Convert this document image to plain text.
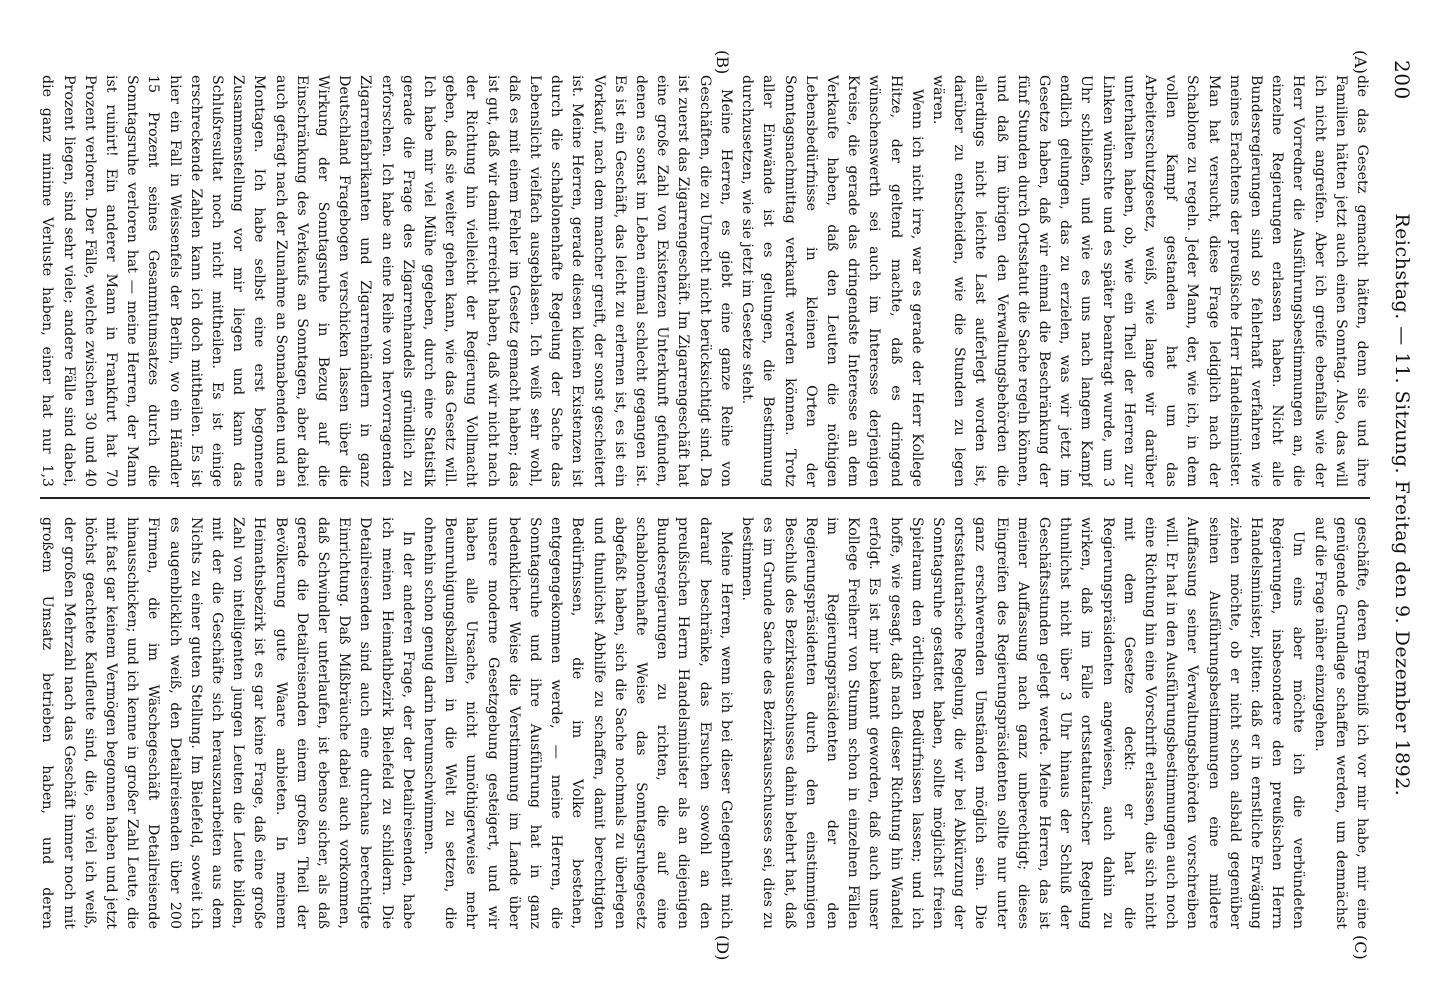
200
Reichstag. — 11. Sitzung. Freitag den 9. Dezember 1892.
(A)
(B)
(C)
(D)

die das Gesetz gemacht hätten, denn sie und ihre Familien hätten jetzt auch einen Sonntag. Also, das will ich nicht angreifen. Aber ich greife ebenfalls wie der Herr Vorredner die Ausführungsbestimmungen an, die einzelne Regierungen erlassen haben. Nicht alle Bundesregierungen sind so fehlerhaft verfahren wie meines Erachtens der preußische Herr Handelsminister. Man hat versucht, diese Frage lediglich nach der Schablone zu regeln. Jeder Mann, der, wie ich, in dem vollen Kampf gestanden hat um das Arbeiterschutzgesetz, weiß, wie lange wir darüber unterhalten haben, ob, wie ein Theil der Herren zur Linken wünschte und es später beantragt wurde, um 3 Uhr schließen, und wie es uns nach langem Kampf endlich gelungen, das zu erzielen, was wir jetzt im Gesetze haben, daß wir einmal die Beschränkung der fünf Stunden durch Ortsstatut die Sache regeln können, und daß im übrigen den Verwaltungsbehörden die allerdings nicht leichte Last auferlegt worden ist, darüber zu entscheiden, wie die Stunden zu legen wären.

Wenn ich nicht irre, war es gerade der Herr Kollege Hitze, der geltend machte, daß es dringend wünschenswerth sei auch im Interesse derjenigen Kreise, die gerade das dringendste Interesse an dem Verkaufe haben, daß den Leuten die nöthigen Lebensbedürfnisse in kleinen Orten der Sonntagsnachmittag verkauft werden können. Trotz aller Einwände ist es gelungen, die Bestimmung durchzusetzen, wie sie jetzt im Gesetze steht.

Meine Herren, es giebt eine ganze Reihe von Geschäften, die zu Unrecht nicht berücksichtigt sind. Da ist zuerst das Zigarrengeschäft. Im Zigarrengeschäft hat eine große Zahl von Existenzen Unterkunft gefunden, denen es sonst im Leben einmal schlecht gegangen ist. Es ist ein Geschäft, das leicht zu erlernen ist, es ist ein Vorkauf, nach dem mancher greift, der sonst gescheitert ist. Meine Herren, gerade diesen kleinen Existenzen ist durch die schablonenhafte Regelung der Sache das Lebenslicht vielfach ausgeblasen. Ich weiß sehr wohl, daß es mit einem Fehler im Gesetz gemacht haben; das ist gut, daß wir damit erreicht haben, daß wir nicht nach der Richtung hin vielleicht der Regierung Vollmacht geben, daß sie weiter gehen kann, wie das Gesetz will. Ich habe mir viel Mühe gegeben, durch eine Statistik gerade die Frage des Zigarrenhandels gründlich zu erforschen. Ich habe an eine Reihe von hervorragenden Zigarrenfabrikanten und Zigarrenhändlern in ganz Deutschland Fragebogen verschicken lassen über die Wirkung der Sonntagsruhe in Bezug auf die Einschränkung des Verkaufs an Sonntagen, aber dabei auch gefragt nach der Zunahme an Sonnabenden und an Montagen. Ich habe selbst eine erst begonnene Zusammenstellung vor mir liegen und kann das Schlußresultat noch nicht mittheilen. Es ist einige erschreckende Zahlen kann ich doch mittheilen. Es ist hier ein Fall in Weissenfels der Berlin, wo ein Händler 15 Prozent seines Gesammtumsatzes durch die Sonntagsruhe verloren hat — meine Herren, der Mann ist ruinirt! Ein anderer Mann in Frankfurt hat 70 Prozent verloren. Der Fälle, welche zwischen 30 und 40 Prozent liegen, sind sehr viele; andere Fälle sind dabei, die ganz minime Verluste haben, einer hat nur 1,3

geschäfte, deren Ergebniß ich vor mir habe, mir eine genügende Grundlage schaffen werden, um demnächst auf die Frage näher einzugehen.

Um eins aber möchte ich die verbündeten Regierungen, insbesondere den preußischen Herrn Handelsminister, bitten: daß er in ernstliche Erwägung ziehen möchte, ob er nicht schon alsbald gegenüber seinen Ausführungsbestimmungen eine mildere Auffassung seiner Verwaltungsbehörden vorschreiben will. Er hat in den Ausführungsbestimmungen auch noch eine Richtung hin eine Vorschrift erlassen, die sich nicht mit dem Gesetze deckt: er hat die Regierungspräsidenten angewiesen, auch dahin zu wirken, daß im Falle ortsstatutarischer Regelung thunlichst nicht über 3 Uhr hinaus der Schluß der Geschäftsstunden gelegt werde. Meine Herren, das ist meiner Auffassung nach ganz unberechtigt; dieses Eingreifen des Regierungspräsidenten sollte nur unter ganz erschwerenden Umständen möglich sein. Die ortsstatutarische Regelung, die wir bei Abkürzung der Sonntagsruhe gestattet haben, sollte möglichst freien Spielraum den örtlichen Bedürfnissen lassen; und ich hoffe, wie gesagt, daß nach dieser Richtung hin Wandel erfolgt. Es ist mir bekannt geworden, daß auch unser Kollege Freiherr von Stumm schon in einzelnen Fällen im Regierungspräsidenten der den Regierungspräsidenten durch den einstimmigen Beschluß des Bezirksausschusses dahin belehrt hat, daß es im Grunde Sache des Bezirksausschusses sei, dies zu bestimmen.

Meine Herren, wenn ich bei dieser Gelegenheit mich darauf beschränke, das Ersuchen sowohl an den preußischen Herrn Handelsminister als an diejenigen Bundesregierungen zu richten, die auf eine schablonenhafte Weise das Sonntagsruhegesetz abgefaßt haben, sich die Sache nochmals zu überlegen und thunlichst Abhilfe zu schaffen, damit berechtigten Bedürfnissen, die im Volke bestehen, entgegengekommen werde, — meine Herren, die Sonntagsruhe und ihre Ausführung hat in ganz bedenklicher Weise die Verstimmung im Lande über unsere moderne Gesetzgebung gesteigert, und wir haben alle Ursache, nicht unnöthigerweise mehr Beunruhigungsbazillen in die Welt zu setzen, die ohnehin schon genug darin herumschwimmen.

In der anderen Frage, der der Detailreisenden, habe ich meinen Heimathbezirk Bielefeld zu schildern. Die Detailreisenden sind auch eine durchaus berechtigte Einrichtung. Daß Mißbräuche dabei auch vorkommen, daß Schwindler unterlaufen, ist ebenso sicher, als daß gerade die Detailreisenden einem großen Theil der Bevölkerung gute Waare anbieten. In meinem Heimathsbezirk ist es gar keine Frage, daß eine große Zahl von intelligenten jungen Leuten die Leute bilden, mit der die Geschäfte sich herauszuarbeiten aus dem Nichts zu einer guten Stellung. Im Bielefeld, soweit ich es augenblicklich weiß, den Detailreisenden über 200 Firmen, die im Wäschegeschäft Detailreisende hinausschicken; und ich kenne in großer Zahl Leute, die mit fast gar keinem Vermögen begonnen haben und jetzt höchst geachtete Kaufleute sind, die, so viel ich weiß, der großen Mehrzahl nach das Geschäft immer noch mit großem Umsatz betrieben haben, und deren
